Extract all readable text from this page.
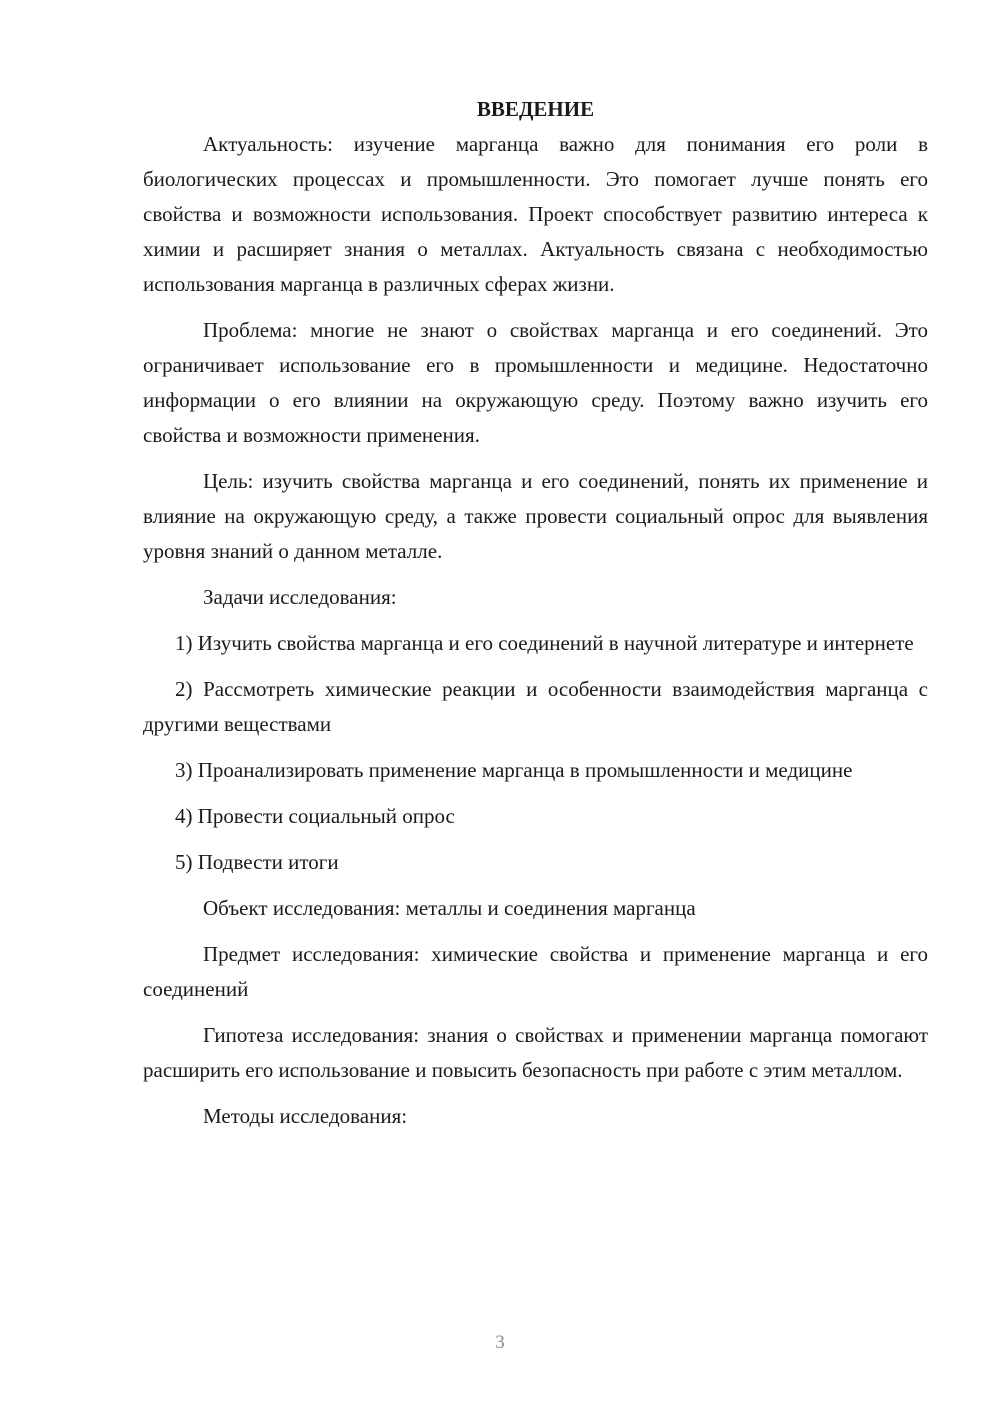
ВВЕДЕНИЕ

Актуальность: изучение марганца важно для понимания его роли в биологических процессах и промышленности. Это помогает лучше понять его свойства и возможности использования. Проект способствует развитию интереса к химии и расширяет знания о металлах. Актуальность связана с необходимостью использования марганца в различных сферах жизни.

Проблема: многие не знают о свойствах марганца и его соединений. Это ограничивает использование его в промышленности и медицине. Недостаточно информации о его влиянии на окружающую среду. Поэтому важно изучить его свойства и возможности применения.

Цель: изучить свойства марганца и его соединений, понять их применение и влияние на окружающую среду, а также провести социальный опрос для выявления уровня знаний о данном металле.

Задачи исследования:

1) Изучить свойства марганца и его соединений в научной литературе и интернете

2) Рассмотреть химические реакции и особенности взаимодействия марганца с другими веществами

3) Проанализировать применение марганца в промышленности и медицине

4) Провести социальный опрос

5) Подвести итоги

Объект исследования: металлы и соединения марганца

Предмет исследования: химические свойства и применение марганца и его соединений

Гипотеза исследования: знания о свойствах и применении марганца помогают расширить его использование и повысить безопасность при работе с этим металлом.

Методы исследования:

3
